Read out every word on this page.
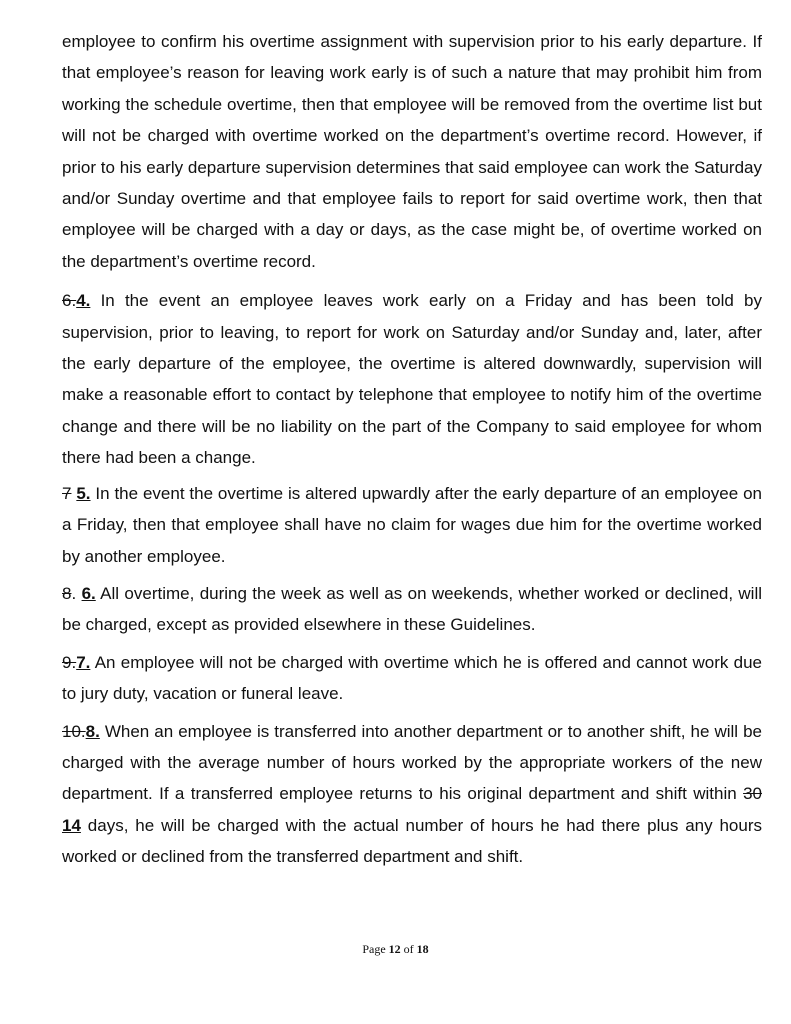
employee to confirm his overtime assignment with supervision prior to his early departure. If that employee’s reason for leaving work early is of such a nature that may prohibit him from working the schedule overtime, then that employee will be removed from the overtime list but will not be charged with overtime worked on the department’s overtime record. However, if prior to his early departure supervision determines that said employee can work the Saturday and/or Sunday overtime and that employee fails to report for said overtime work, then that employee will be charged with a day or days, as the case might be, of overtime worked on the department’s overtime record.

6.4. In the event an employee leaves work early on a Friday and has been told by supervision, prior to leaving, to report for work on Saturday and/or Sunday and, later, after the early departure of the employee, the overtime is altered downwardly, supervision will make a reasonable effort to contact by telephone that employee to notify him of the overtime change and there will be no liability on the part of the Company to said employee for whom there had been a change.

7 5. In the event the overtime is altered upwardly after the early departure of an employee on a Friday, then that employee shall have no claim for wages due him for the overtime worked by another employee.

8. 6. All overtime, during the week as well as on weekends, whether worked or declined, will be charged, except as provided elsewhere in these Guidelines.

9.7. An employee will not be charged with overtime which he is offered and cannot work due to jury duty, vacation or funeral leave.

10.8. When an employee is transferred into another department or to another shift, he will be charged with the average number of hours worked by the appropriate workers of the new department. If a transferred employee returns to his original department and shift within 30 14 days, he will be charged with the actual number of hours he had there plus any hours worked or declined from the transferred department and shift.

Page 12 of 18
